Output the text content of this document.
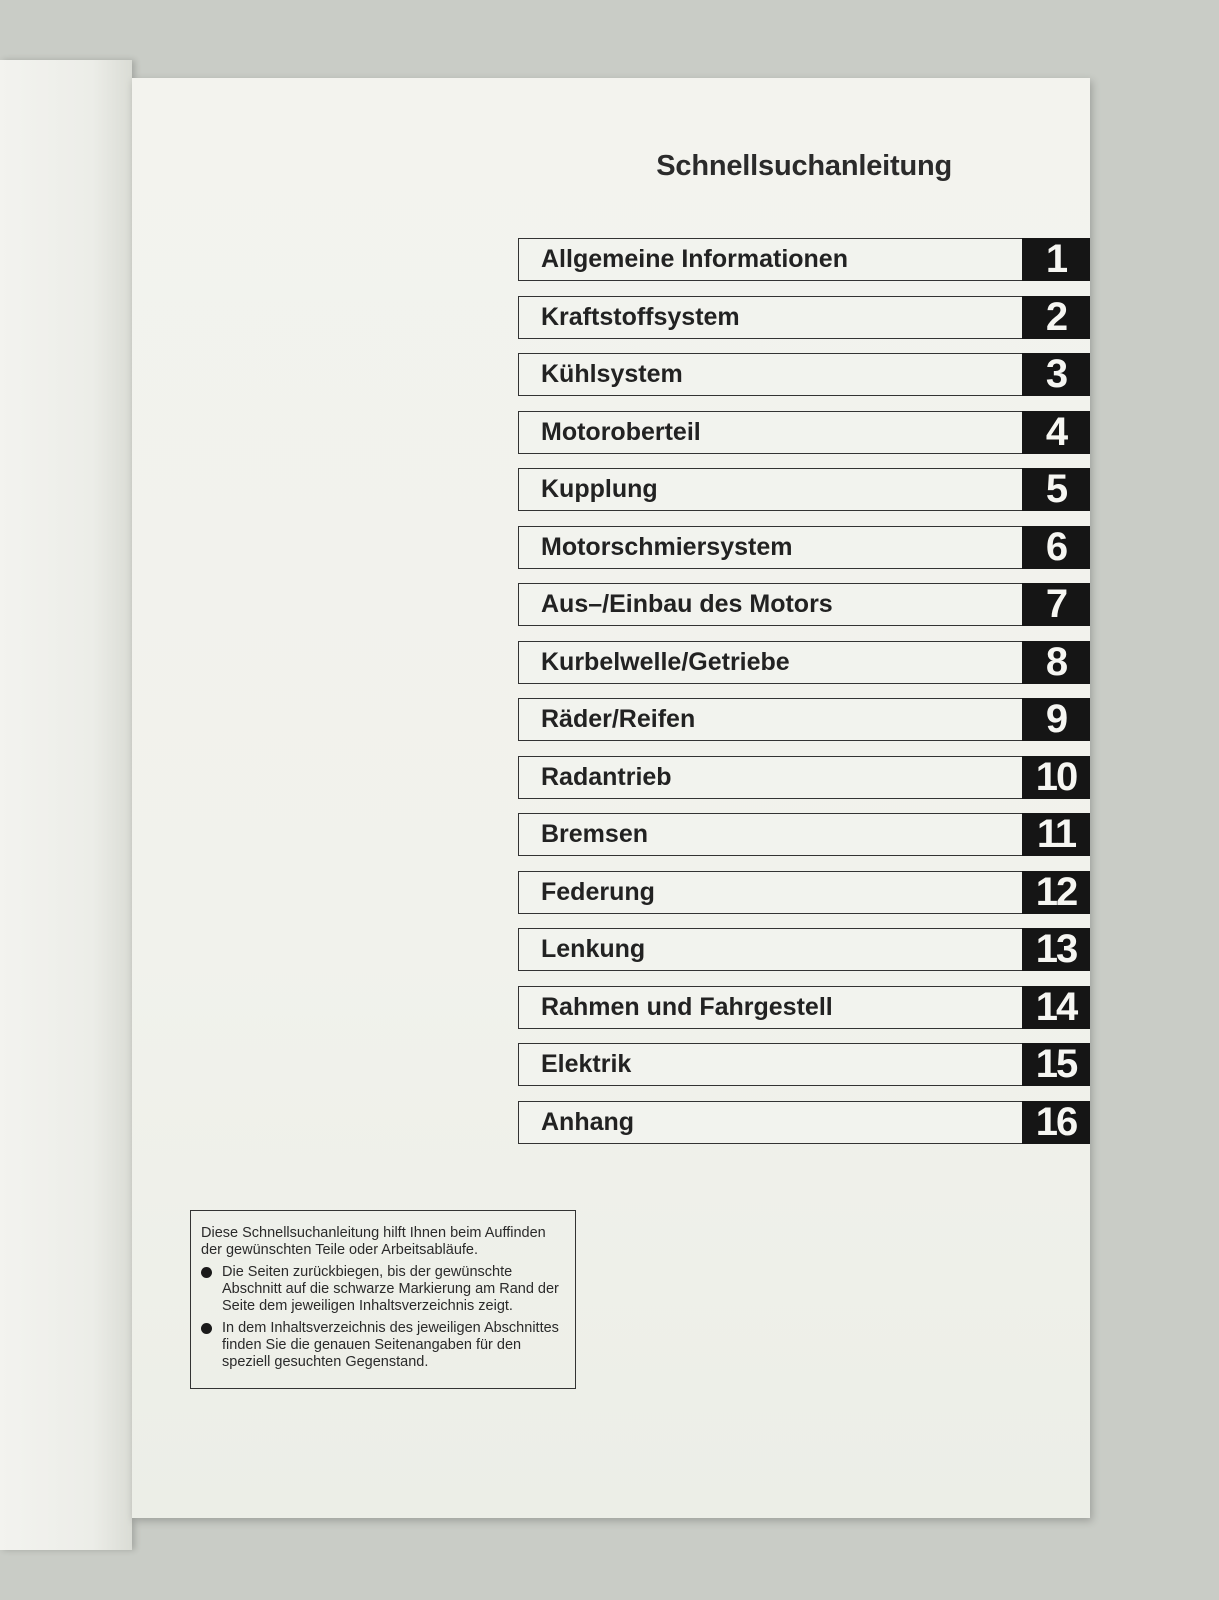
Schnellsuchanleitung
Allgemeine Informationen	1
Kraftstoffsystem	2
Kühlsystem	3
Motoroberteil	4
Kupplung	5
Motorschmiersystem	6
Aus–/Einbau des Motors	7
Kurbelwelle/Getriebe	8
Räder/Reifen	9
Radantrieb	10
Bremsen	11
Federung	12
Lenkung	13
Rahmen und Fahrgestell	14
Elektrik	15
Anhang	16
Diese Schnellsuchanleitung hilft Ihnen beim Auffinden der gewünschten Teile oder Arbeitsabläufe.
Die Seiten zurückbiegen, bis der gewünschte Abschnitt auf die schwarze Markierung am Rand der Seite dem jeweiligen Inhaltsverzeichnis zeigt.
In dem Inhaltsverzeichnis des jeweiligen Abschnittes finden Sie die genauen Seitenangaben für den speziell gesuchten Gegenstand.
